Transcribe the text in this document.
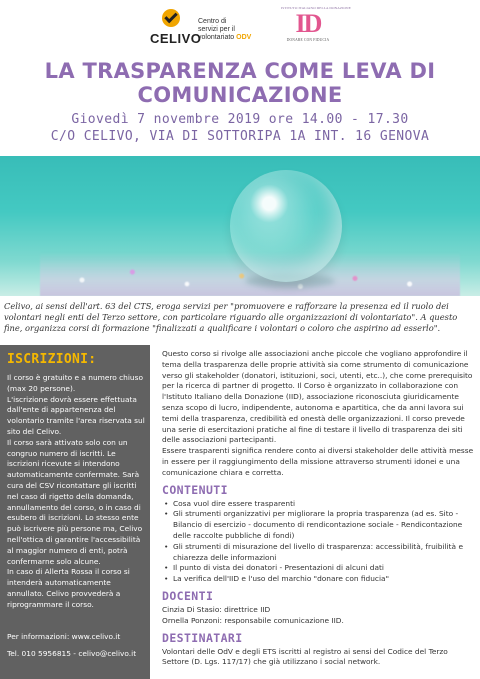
CELIVO
Centro di
servizi per il
volontariato ODV
ISTITUTO ITALIANO DELLA DONAZIONE
ID
DONARE CON FIDUCIA
LA TRASPARENZA COME LEVA DI
COMUNICAZIONE
Giovedì 7 novembre 2019 ore 14.00 - 17.30
C/O CELIVO, VIA DI SOTTORIPA 1A INT. 16 GENOVA
Celivo, ai sensi dell'art. 63 del CTS, eroga servizi per "promuovere e rafforzare la presenza ed il ruolo dei volontari negli enti del Terzo settore, con particolare riguardo alle organizzazioni di volontariato". A questo fine, organizza corsi di formazione "finalizzati a qualificare i volontari o coloro che aspirino ad esserlo".
ISCRIZIONI:

Il corso è gratuito e a numero chiuso (max 20 persone).

L'iscrizione dovrà essere effettuata dall'ente di appartenenza del volontario tramite l'area riservata sul sito del Celivo.

Il corso sarà attivato solo con un congruo numero di iscritti. Le iscrizioni ricevute si intendono automaticamente confermate. Sarà cura del CSV ricontattare gli iscritti nel caso di rigetto della domanda, annullamento del corso, o in caso di esubero di iscrizioni. Lo stesso ente può iscrivere più persone ma, Celivo nell'ottica di garantire l'accessibilità al maggior numero di enti, potrà confermarne solo alcune.

In caso di Allerta Rossa il corso si intenderà automaticamente annullato. Celivo provvederà a riprogrammare il corso.

Per informazioni: www.celivo.it
Tel. 010 5956815 - celivo@celivo.it

Questo corso si rivolge alle associazioni anche piccole che vogliano approfondire il tema della trasparenza delle proprie attività sia come strumento di comunicazione verso gli stakeholder (donatori, istituzioni, soci, utenti, etc..), che come prerequisito per la ricerca di partner di progetto. Il Corso è organizzato in collaborazione con l'Istituto Italiano della Donazione (IID), associazione riconosciuta giuridicamente senza scopo di lucro, indipendente, autonoma e apartitica, che da anni lavora sui temi della trasparenza, credibilità ed onestà delle organizzazioni. Il corso prevede una serie di esercitazioni pratiche al fine di testare il livello di trasparenza dei siti delle associazioni partecipanti.

Essere trasparenti significa rendere conto ai diversi stakeholder delle attività messe in essere per il raggiungimento della missione attraverso strumenti idonei e una comunicazione chiara e corretta.

CONTENUTI
• Cosa vuol dire essere trasparenti
• Gli strumenti organizzativi per migliorare la propria trasparenza (ad es. Sito - Bilancio di esercizio - documento di rendicontazione sociale - Rendicontazione delle raccolte pubbliche di fondi)
• Gli strumenti di misurazione del livello di trasparenza: accessibilità, fruibilità e chiarezza delle informazioni
• Il punto di vista dei donatori - Presentazioni di alcuni dati
• La verifica dell'IID e l'uso del marchio "donare con fiducia"
DOCENTI
Cinzia Di Stasio: direttrice IID
Ornella Ponzoni: responsabile comunicazione IID.
DESTINATARI
Volontari delle OdV e degli ETS iscritti al registro ai sensi del Codice del Terzo Settore (D. Lgs. 117/17) che già utilizzano i social network.
